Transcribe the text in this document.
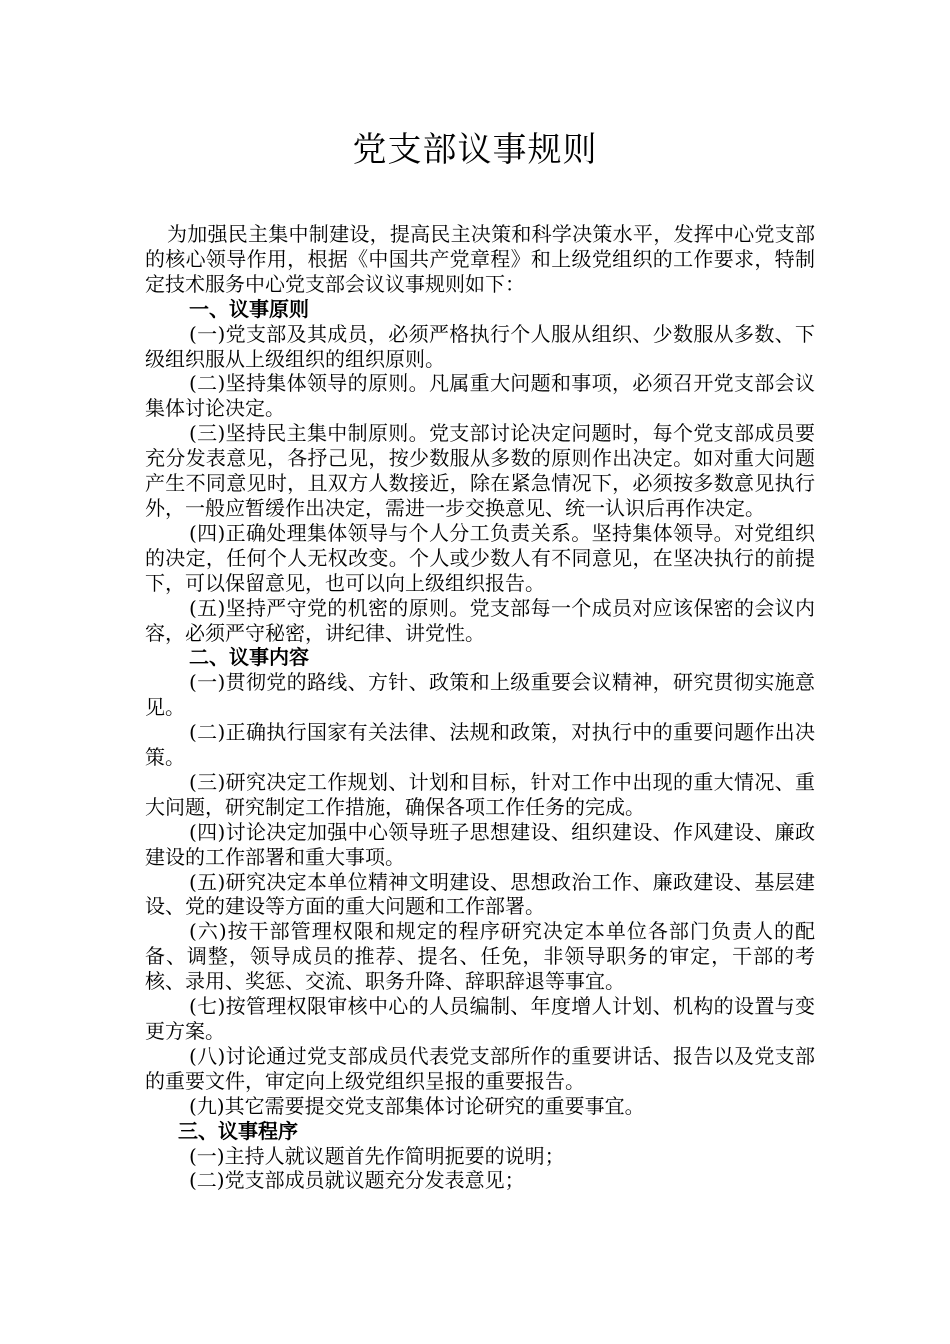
党支部议事规则

为加强民主集中制建设，提高民主决策和科学决策水平，发挥中心党支部的核心领导作用，根据《中国共产党章程》和上级党组织的工作要求，特制定技术服务中心党支部会议议事规则如下：

一、议事原则

(一)党支部及其成员，必须严格执行个人服从组织、少数服从多数、下级组织服从上级组织的组织原则。

(二)坚持集体领导的原则。凡属重大问题和事项，必须召开党支部会议集体讨论决定。

(三)坚持民主集中制原则。党支部讨论决定问题时，每个党支部成员要充分发表意见，各抒己见，按少数服从多数的原则作出决定。如对重大问题产生不同意见时，且双方人数接近，除在紧急情况下，必须按多数意见执行外，一般应暂缓作出决定，需进一步交换意见、统一认识后再作决定。

(四)正确处理集体领导与个人分工负责关系。坚持集体领导。对党组织的决定，任何个人无权改变。个人或少数人有不同意见，在坚决执行的前提下，可以保留意见，也可以向上级组织报告。

(五)坚持严守党的机密的原则。党支部每一个成员对应该保密的会议内容，必须严守秘密，讲纪律、讲党性。

二、议事内容

(一)贯彻党的路线、方针、政策和上级重要会议精神，研究贯彻实施意见。

(二)正确执行国家有关法律、法规和政策，对执行中的重要问题作出决策。

(三)研究决定工作规划、计划和目标，针对工作中出现的重大情况、重大问题，研究制定工作措施，确保各项工作任务的完成。

(四)讨论决定加强中心领导班子思想建设、组织建设、作风建设、廉政建设的工作部署和重大事项。

(五)研究决定本单位精神文明建设、思想政治工作、廉政建设、基层建设、党的建设等方面的重大问题和工作部署。

(六)按干部管理权限和规定的程序研究决定本单位各部门负责人的配备、调整，领导成员的推荐、提名、任免，非领导职务的审定，干部的考核、录用、奖惩、交流、职务升降、辞职辞退等事宜。

(七)按管理权限审核中心的人员编制、年度增人计划、机构的设置与变更方案。

(八)讨论通过党支部成员代表党支部所作的重要讲话、报告以及党支部的重要文件，审定向上级党组织呈报的重要报告。

(九)其它需要提交党支部集体讨论研究的重要事宜。

三、议事程序

(一)主持人就议题首先作简明扼要的说明；

(二)党支部成员就议题充分发表意见；
